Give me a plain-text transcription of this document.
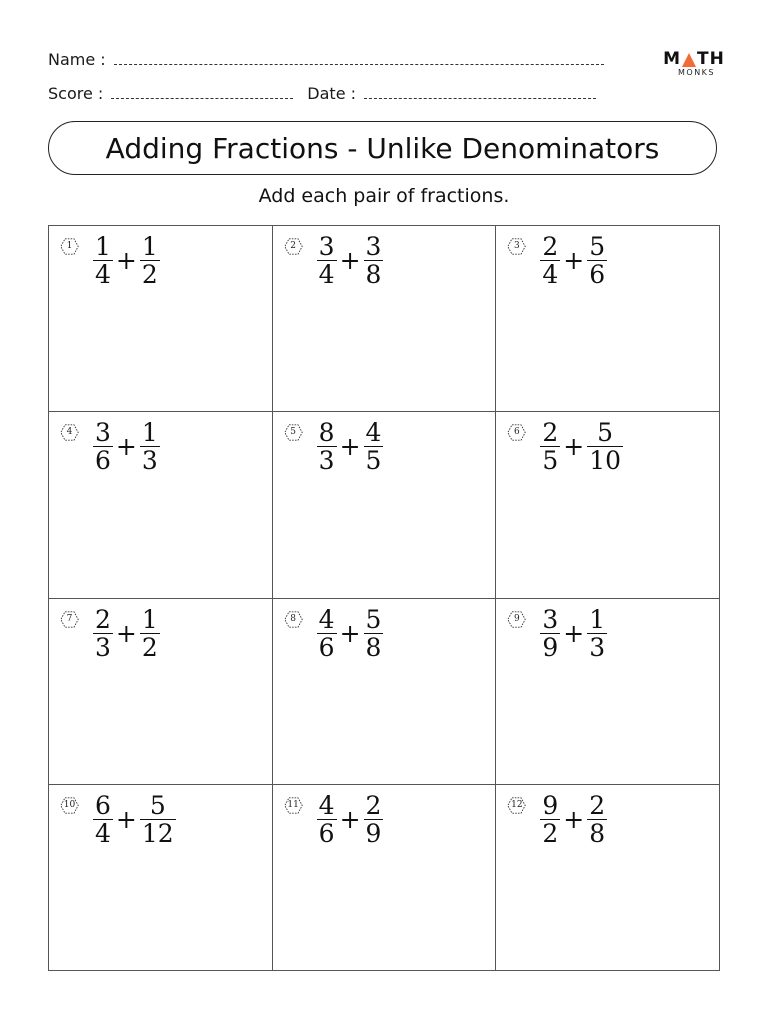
Name :
Score :	Date :
M TH
MONKS
Adding Fractions - Unlike Denominators
Add each pair of fractions.
$1 \frac{1}{4} + \frac{1}{2}$	$2 \frac{3}{4} + \frac{3}{8}$	$3 \frac{2}{4} + \frac{5}{6}$
$4 \frac{3}{6} + \frac{1}{3}$	$5 \frac{8}{3} + \frac{4}{5}$	$6 \frac{2}{5} + \frac{5}{10}$
$7 \frac{2}{3} + \frac{1}{2}$	$8 \frac{4}{6} + \frac{5}{8}$	$9 \frac{3}{9} + \frac{1}{3}$
$10 \frac{6}{4} + \frac{5}{12}$	$11 \frac{4}{6} + \frac{2}{9}$	$12 \frac{9}{2} + \frac{2}{8}$
